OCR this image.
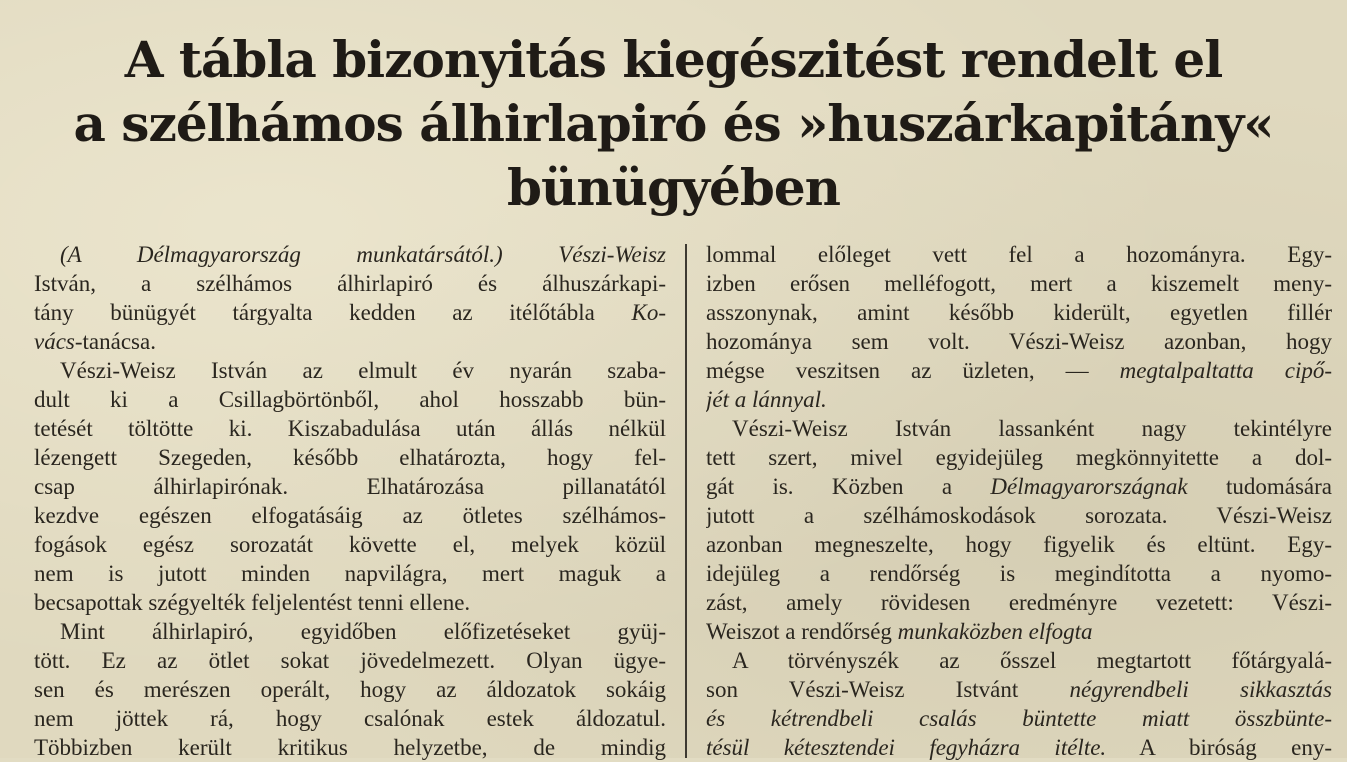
A tábla bizonyitás kiegészitést rendelt el
a szélhámos álhirlapiró és »huszárkapitány«
bünügyében
(A Délmagyarország munkatársától.) Vészi-Weisz
István, a szélhámos álhirlapiró és álhuszárkapi-
tány bünügyét tárgyalta kedden az itélőtábla Ko-
vács-tanácsa.
Vészi-Weisz István az elmult év nyarán szaba-
dult ki a Csillagbörtönből, ahol hosszabb bün-
tetését töltötte ki. Kiszabadulása után állás nélkül
lézengett Szegeden, később elhatározta, hogy fel-
csap álhirlapirónak. Elhatározása pillanatától
kezdve egészen elfogatásáig az ötletes szélhámos-
fogások egész sorozatát követte el, melyek közül
nem is jutott minden napvilágra, mert maguk a
becsapottak szégyelték feljelentést tenni ellene.
Mint álhirlapiró, egyidőben előfizetéseket gyüj-
tött. Ez az ötlet sokat jövedelmezett. Olyan ügye-
sen és merészen operált, hogy az áldozatok sokáig
nem jöttek rá, hogy csalónak estek áldozatul.
Többizben került kritikus helyzetbe, de mindig
lommal előleget vett fel a hozományra. Egy-
izben erősen melléfogott, mert a kiszemelt meny-
asszonynak, amint később kiderült, egyetlen fillér
hozománya sem volt. Vészi-Weisz azonban, hogy
mégse veszitsen az üzleten, — megtalpaltatta cipő-
jét a lánnyal.
Vészi-Weisz István lassanként nagy tekintélyre
tett szert, mivel egyidejüleg megkönnyitette a dol-
gát is. Közben a Délmagyarországnak tudomására
jutott a szélhámoskodások sorozata. Vészi-Weisz
azonban megneszelte, hogy figyelik és eltünt. Egy-
idejüleg a rendőrség is megindította a nyomo-
zást, amely rövidesen eredményre vezetett: Vészi-
Weiszot a rendőrség munkaközben elfogta
A törvényszék az ősszel megtartott főtárgyalá-
son Vészi-Weisz Istvánt négyrendbeli sikkasztás
és kétrendbeli csalás büntette miatt összbünte-
tésül kétesztendei fegyházra itélte. A biróság eny-
